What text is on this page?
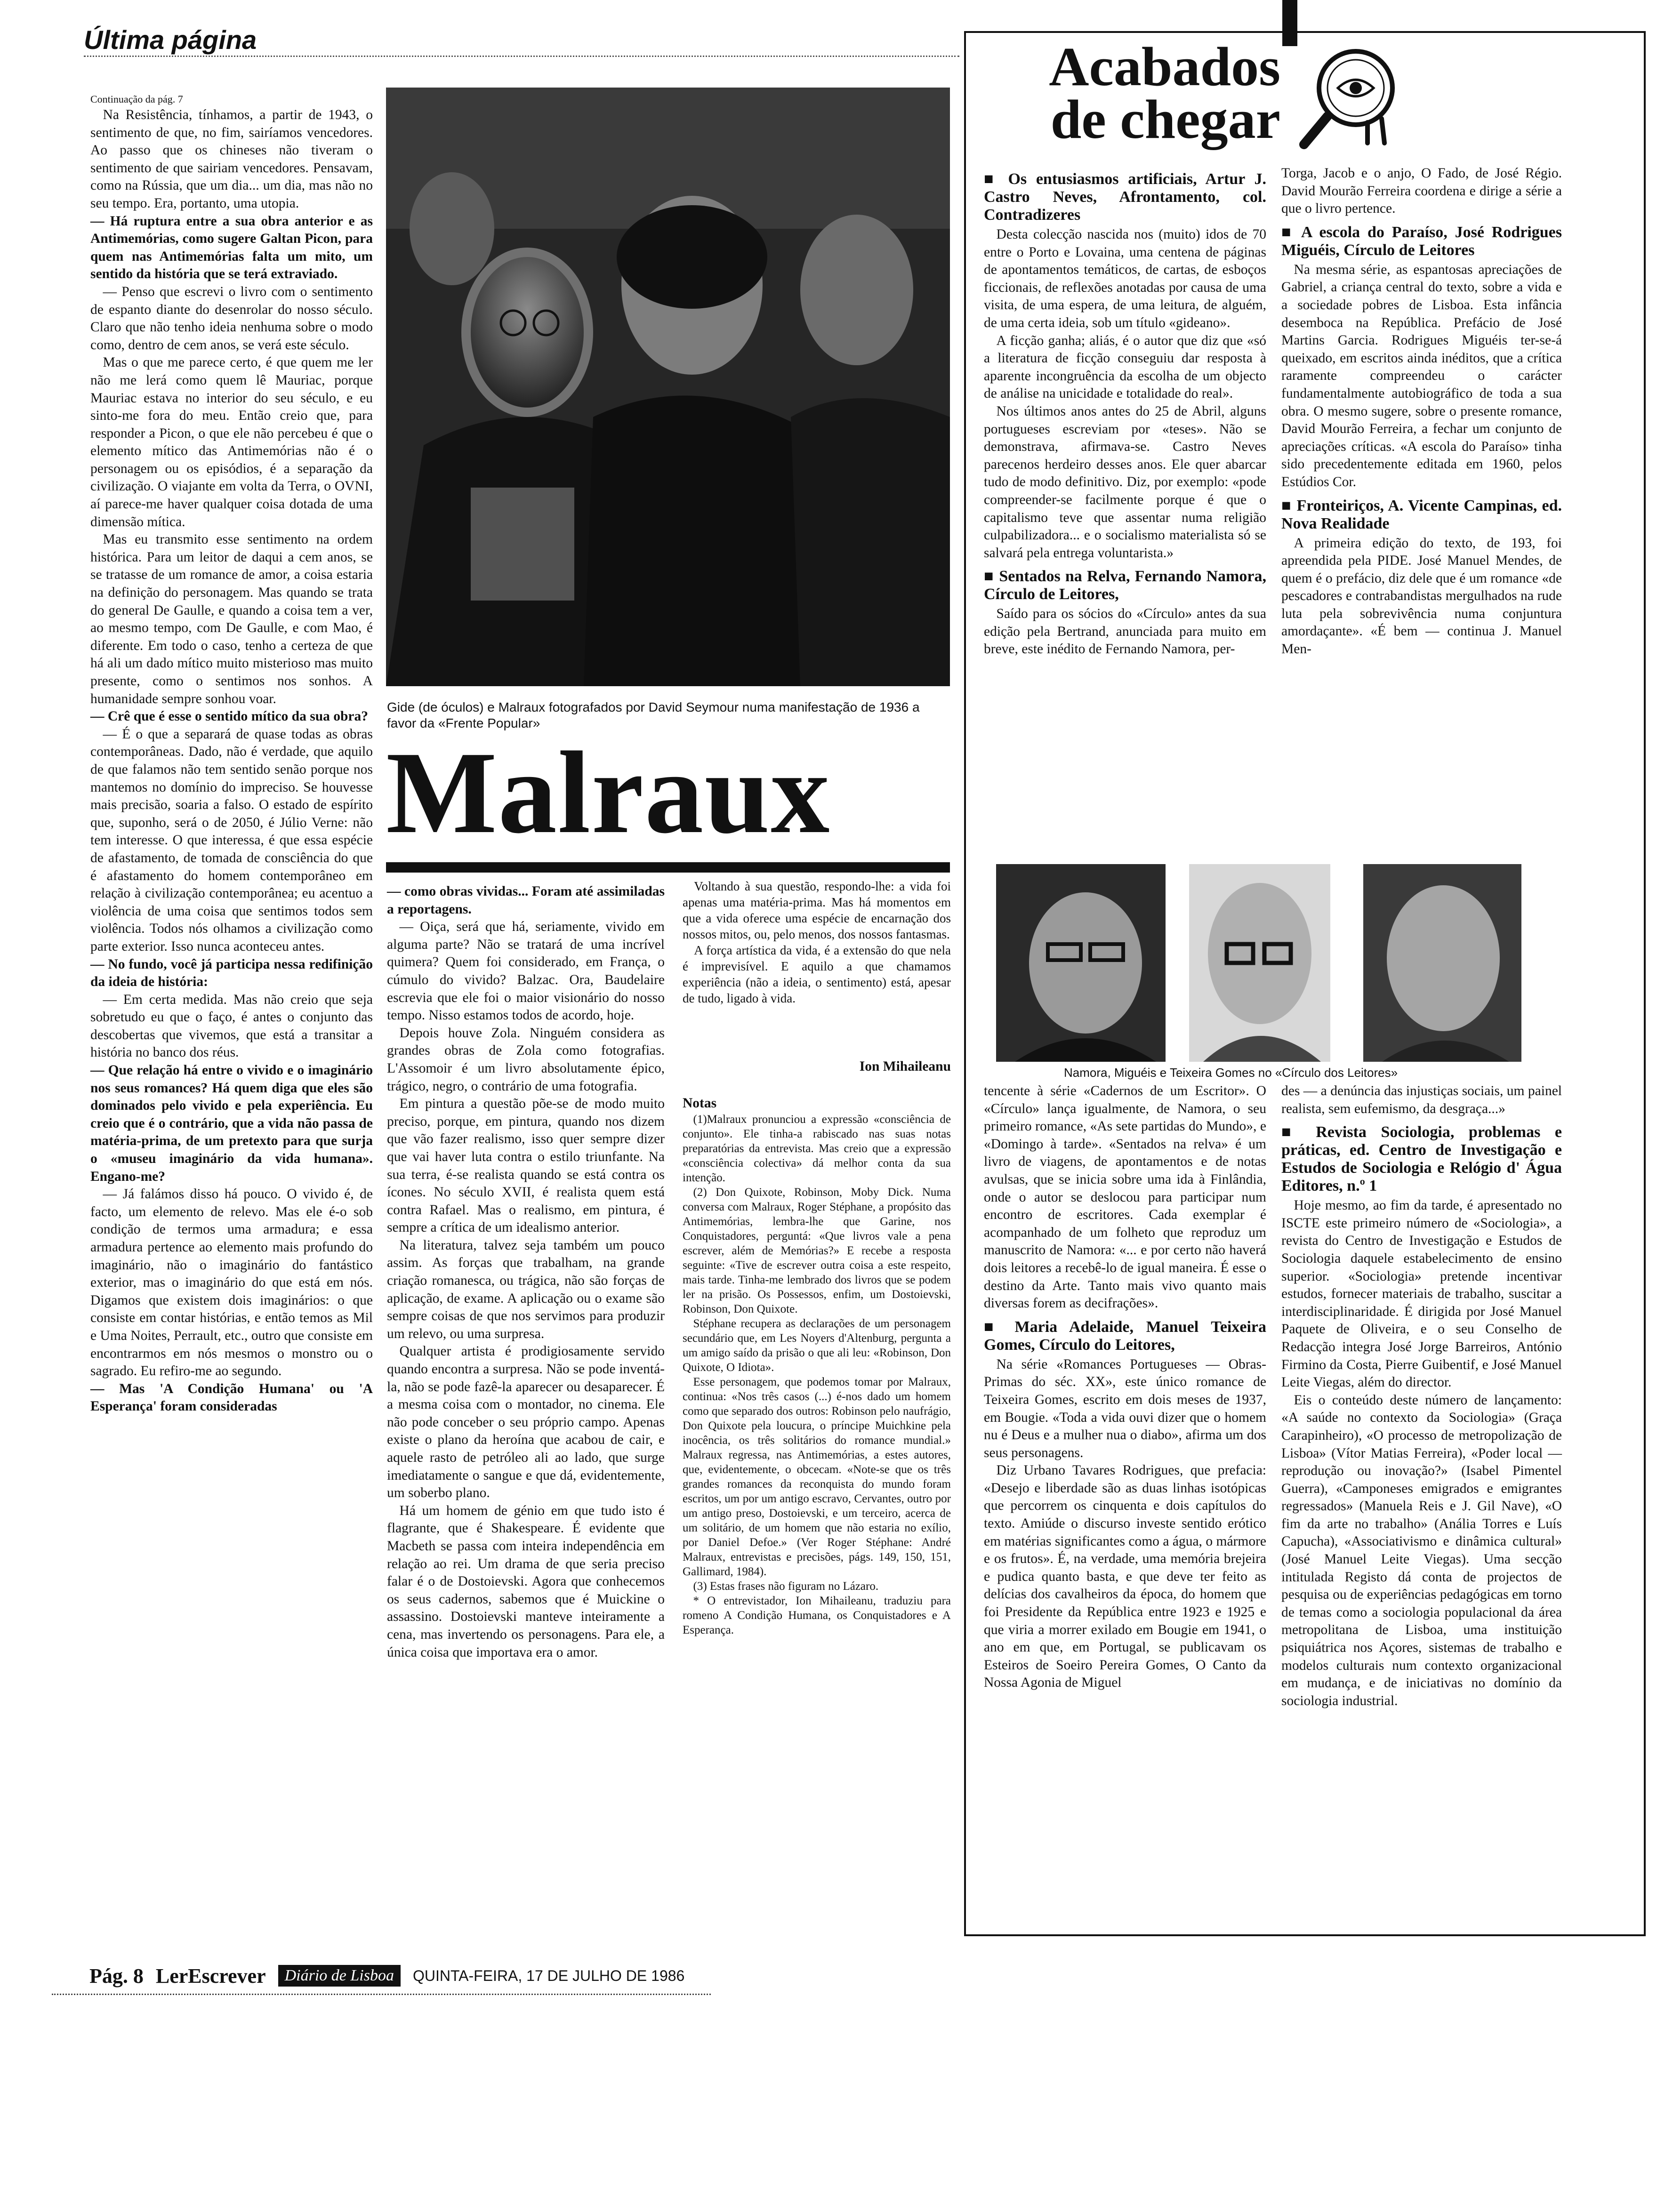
Última página
Continuação da pág. 7

Na Resistência, tínhamos, a partir de 1943, o sentimento de que, no fim, sairíamos vencedores. Ao passo que os chineses não tiveram o sentimento de que sairiam vencedores. Pensavam, como na Rússia, que um dia... um dia, mas não no seu tempo. Era, portanto, uma utopia.

— Há ruptura entre a sua obra anterior e as Antimemórias, como sugere Galtan Picon, para quem nas Antimemórias falta um mito, um sentido da história que se terá extraviado.

— Penso que escrevi o livro com o sentimento de espanto diante do desenrolar do nosso século. Claro que não tenho ideia nenhuma sobre o modo como, dentro de cem anos, se verá este século.

Mas o que me parece certo, é que quem me ler não me lerá como quem lê Mauriac, porque Mauriac estava no interior do seu século, e eu sinto-me fora do meu. Então creio que, para responder a Picon, o que ele não percebeu é que o elemento mítico das Antimemórias não é o personagem ou os episódios, é a separação da civilização. O viajante em volta da Terra, o OVNI, aí parece-me haver qualquer coisa dotada de uma dimensão mítica.

Mas eu transmito esse sentimento na ordem histórica. Para um leitor de daqui a cem anos, se se tratasse de um romance de amor, a coisa estaria na definição do personagem. Mas quando se trata do general De Gaulle, e quando a coisa tem a ver, ao mesmo tempo, com De Gaulle, e com Mao, é diferente. Em todo o caso, tenho a certeza de que há ali um dado mítico muito misterioso mas muito presente, como o sentimos nos sonhos. A humanidade sempre sonhou voar.

— Crê que é esse o sentido mítico da sua obra?

— É o que a separará de quase todas as obras contemporâneas. Dado, não é verdade, que aquilo de que falamos não tem sentido senão porque nos mantemos no domínio do impreciso. Se houvesse mais precisão, soaria a falso. O estado de espírito que, suponho, será o de 2050, é Júlio Verne: não tem interesse. O que interessa, é que essa espécie de afastamento, de tomada de consciência do que é afastamento do homem contemporâneo em relação à civilização contemporânea; eu acentuo a violência de uma coisa que sentimos todos sem violência. Todos nós olhamos a civilização como parte exterior. Isso nunca aconteceu antes.

— No fundo, você já participa nessa redifinição da ideia de história:

— Em certa medida. Mas não creio que seja sobretudo eu que o faço, é antes o conjunto das descobertas que vivemos, que está a transitar a história no banco dos réus.

— Que relação há entre o vivido e o imaginário nos seus romances? Há quem diga que eles são dominados pelo vivido e pela experiência. Eu creio que é o contrário, que a vida não passa de matéria-prima, de um pretexto para que surja o «museu imaginário da vida humana». Engano-me?

— Já falámos disso há pouco. O vivido é, de facto, um elemento de relevo. Mas ele é-o sob condição de termos uma armadura; e essa armadura pertence ao elemento mais profundo do imaginário, não o imaginário do fantástico exterior, mas o imaginário do que está em nós. Digamos que existem dois imaginários: o que consiste em contar histórias, e então temos as Mil e Uma Noites, Perrault, etc., outro que consiste em encontrarmos em nós mesmos o monstro ou o sagrado. Eu refiro-me ao segundo.

— Mas 'A Condição Humana' ou 'A Esperança' foram consideradas

Gide (de óculos) e Malraux fotografados por David Seymour numa manifestação de 1936 a favor da «Frente Popular»
Malraux

— como obras vividas... Foram até assimiladas a reportagens.

— Oiça, será que há, seriamente, vivido em alguma parte? Não se tratará de uma incrível quimera? Quem foi considerado, em França, o cúmulo do vivido? Balzac. Ora, Baudelaire escrevia que ele foi o maior visionário do nosso tempo. Nisso estamos todos de acordo, hoje.

Depois houve Zola. Ninguém considera as grandes obras de Zola como fotografias. L'Assomoir é um livro absolutamente épico, trágico, negro, o contrário de uma fotografia.

Em pintura a questão põe-se de modo muito preciso, porque, em pintura, quando nos dizem que vão fazer realismo, isso quer sempre dizer que vai haver luta contra o estilo triunfante. Na sua terra, é-se realista quando se está contra os ícones. No século XVII, é realista quem está contra Rafael. Mas o realismo, em pintura, é sempre a crítica de um idealismo anterior.

Na literatura, talvez seja também um pouco assim. As forças que trabalham, na grande criação romanesca, ou trágica, não são forças de aplicação, de exame. A aplicação ou o exame são sempre coisas de que nos servimos para produzir um relevo, ou uma surpresa.

Qualquer artista é prodigiosamente servido quando encontra a surpresa. Não se pode inventá-la, não se pode fazê-la aparecer ou desaparecer. É a mesma coisa com o montador, no cinema. Ele não pode conceber o seu próprio campo. Apenas existe o plano da heroína que acabou de cair, e aquele rasto de petróleo ali ao lado, que surge imediatamente o sangue e que dá, evidentemente, um soberbo plano.

Há um homem de génio em que tudo isto é flagrante, que é Shakespeare. É evidente que Macbeth se passa com inteira independência em relação ao rei. Um drama de que seria preciso falar é o de Dostoievski. Agora que conhecemos os seus cadernos, sabemos que é Muickine o assassino. Dostoievski manteve inteiramente a cena, mas invertendo os personagens. Para ele, a única coisa que importava era o amor.

Voltando à sua questão, respondo-lhe: a vida foi apenas uma matéria-prima. Mas há momentos em que a vida oferece uma espécie de encarnação dos nossos mitos, ou, pelo menos, dos nossos fantasmas.

A força artística da vida, é a extensão do que nela é imprevisível. E aquilo a que chamamos experiência (não a ideia, o sentimento) está, apesar de tudo, ligado à vida.

Ion Mihaileanu
Notas

(1)Malraux pronunciou a expressão «consciência de conjunto». Ele tinha-a rabiscado nas suas notas preparatórias da entrevista. Mas creio que a expressão «consciência colectiva» dá melhor conta da sua intenção.

(2) Don Quixote, Robinson, Moby Dick. Numa conversa com Malraux, Roger Stéphane, a propósito das Antimemórias, lembra-lhe que Garine, nos Conquistadores, perguntá: «Que livros vale a pena escrever, além de Memórias?» E recebe a resposta seguinte: «Tive de escrever outra coisa a este respeito, mais tarde. Tinha-me lembrado dos livros que se podem ler na prisão. Os Possessos, enfim, um Dostoievski, Robinson, Don Quixote.

Stéphane recupera as declarações de um personagem secundário que, em Les Noyers d'Altenburg, pergunta a um amigo saído da prisão o que ali leu: «Robinson, Don Quixote, O Idiota».

Esse personagem, que podemos tomar por Malraux, continua: «Nos três casos (...) é-nos dado um homem como que separado dos outros: Robinson pelo naufrágio, Don Quixote pela loucura, o príncipe Muichkine pela inocência, os três solitários do romance mundial.» Malraux regressa, nas Antimemórias, a estes autores, que, evidentemente, o obcecam. «Note-se que os três grandes romances da reconquista do mundo foram escritos, um por um antigo escravo, Cervantes, outro por um antigo preso, Dostoievski, e um terceiro, acerca de um solitário, de um homem que não estaria no exílio, por Daniel Defoe.» (Ver Roger Stéphane: André Malraux, entrevistas e precisões, págs. 149, 150, 151, Gallimard, 1984).

(3) Estas frases não figuram no Lázaro.

* O entrevistador, Ion Mihaileanu, traduziu para romeno A Condição Humana, os Conquistadores e A Esperança.

Acabados
de chegar
■ Os entusiasmos artificiais, Artur J. Castro Neves, Afrontamento, col. Contradizeres

Desta colecção nascida nos (muito) idos de 70 entre o Porto e Lovaina, uma centena de páginas de apontamentos temáticos, de cartas, de esboços ficcionais, de reflexões anotadas por causa de uma visita, de uma espera, de uma leitura, de alguém, de uma certa ideia, sob um título «gideano».

A ficção ganha; aliás, é o autor que diz que «só a literatura de ficção conseguiu dar resposta à aparente incongruência da escolha de um objecto de análise na unicidade e totalidade do real».

Nos últimos anos antes do 25 de Abril, alguns portugueses escreviam por «teses». Não se demonstrava, afirmava-se. Castro Neves parecenos herdeiro desses anos. Ele quer abarcar tudo de modo definitivo. Diz, por exemplo: «pode compreender-se facilmente porque é que o capitalismo teve que assentar numa religião culpabilizadora... e o socialismo materialista só se salvará pela entrega voluntarista.»

■ Sentados na Relva, Fernando Namora, Círculo de Leitores,

Saído para os sócios do «Círculo» antes da sua edição pela Bertrand, anunciada para muito em breve, este inédito de Fernando Namora, per-

Torga, Jacob e o anjo, O Fado, de José Régio. David Mourão Ferreira coordena e dirige a série a que o livro pertence.

■ A escola do Paraíso, José Rodrigues Miguéis, Círculo de Leitores

Na mesma série, as espantosas apreciações de Gabriel, a criança central do texto, sobre a vida e a sociedade pobres de Lisboa. Esta infância desemboca na República. Prefácio de José Martins Garcia. Rodrigues Miguéis ter-se-á queixado, em escritos ainda inéditos, que a crítica raramente compreendeu o carácter fundamentalmente autobiográfico de toda a sua obra. O mesmo sugere, sobre o presente romance, David Mourão Ferreira, a fechar um conjunto de apreciações críticas. «A escola do Paraíso» tinha sido precedentemente editada em 1960, pelos Estúdios Cor.

■ Fronteiriços, A. Vicente Campinas, ed. Nova Realidade

A primeira edição do texto, de 193, foi apreendida pela PIDE. José Manuel Mendes, de quem é o prefácio, diz dele que é um romance «de pescadores e contrabandistas mergulhados na rude luta pela sobrevivência numa conjuntura amordaçante». «É bem — continua J. Manuel Men-

Namora, Miguéis e Teixeira Gomes no «Círculo dos Leitores»

tencente à série «Cadernos de um Escritor». O «Círculo» lança igualmente, de Namora, o seu primeiro romance, «As sete partidas do Mundo», e «Domingo à tarde». «Sentados na relva» é um livro de viagens, de apontamentos e de notas avulsas, que se inicia sobre uma ida à Finlândia, onde o autor se deslocou para participar num encontro de escritores. Cada exemplar é acompanhado de um folheto que reproduz um manuscrito de Namora: «... e por certo não haverá dois leitores a recebê-lo de igual maneira. É esse o destino da Arte. Tanto mais vivo quanto mais diversas forem as decifrações».

■ Maria Adelaide, Manuel Teixeira Gomes, Círculo do Leitores,

Na série «Romances Portugueses — Obras-Primas do séc. XX», este único romance de Teixeira Gomes, escrito em dois meses de 1937, em Bougie. «Toda a vida ouvi dizer que o homem nu é Deus e a mulher nua o diabo», afirma um dos seus personagens.

Diz Urbano Tavares Rodrigues, que prefacia: «Desejo e liberdade são as duas linhas isotópicas que percorrem os cinquenta e dois capítulos do texto. Amiúde o discurso investe sentido erótico em matérias significantes como a água, o mármore e os frutos». É, na verdade, uma memória brejeira e pudica quanto basta, e que deve ter feito as delícias dos cavalheiros da época, do homem que foi Presidente da República entre 1923 e 1925 e que viria a morrer exilado em Bougie em 1941, o ano em que, em Portugal, se publicavam os Esteiros de Soeiro Pereira Gomes, O Canto da Nossa Agonia de Miguel

des — a denúncia das injustiças sociais, um painel realista, sem eufemismo, da desgraça...»

■ Revista Sociologia, problemas e práticas, ed. Centro de Investigação e Estudos de Sociologia e Relógio d' Água Editores, n.º 1

Hoje mesmo, ao fim da tarde, é apresentado no ISCTE este primeiro número de «Sociologia», a revista do Centro de Investigação e Estudos de Sociologia daquele estabelecimento de ensino superior. «Sociologia» pretende incentivar estudos, fornecer materiais de trabalho, suscitar a interdisciplinaridade. É dirigida por José Manuel Paquete de Oliveira, e o seu Conselho de Redacção integra José Jorge Barreiros, António Firmino da Costa, Pierre Guibentif, e José Manuel Leite Viegas, além do director.

Eis o conteúdo deste número de lançamento: «A saúde no contexto da Sociologia» (Graça Carapinheiro), «O processo de metropolização de Lisboa» (Vítor Matias Ferreira), «Poder local — reprodução ou inovação?» (Isabel Pimentel Guerra), «Camponeses emigrados e emigrantes regressados» (Manuela Reis e J. Gil Nave), «O fim da arte no trabalho» (Anália Torres e Luís Capucha), «Associativismo e dinâmica cultural» (José Manuel Leite Viegas). Uma secção intitulada Registo dá conta de projectos de pesquisa ou de experiências pedagógicas em torno de temas como a sociologia populacional da área metropolitana de Lisboa, uma instituição psiquiátrica nos Açores, sistemas de trabalho e modelos culturais num contexto organizacional em mudança, e de iniciativas no domínio da sociologia industrial.

Pág. 8 LerEscrever	Diário de Lisboa	QUINTA-FEIRA, 17 DE JULHO DE 1986
